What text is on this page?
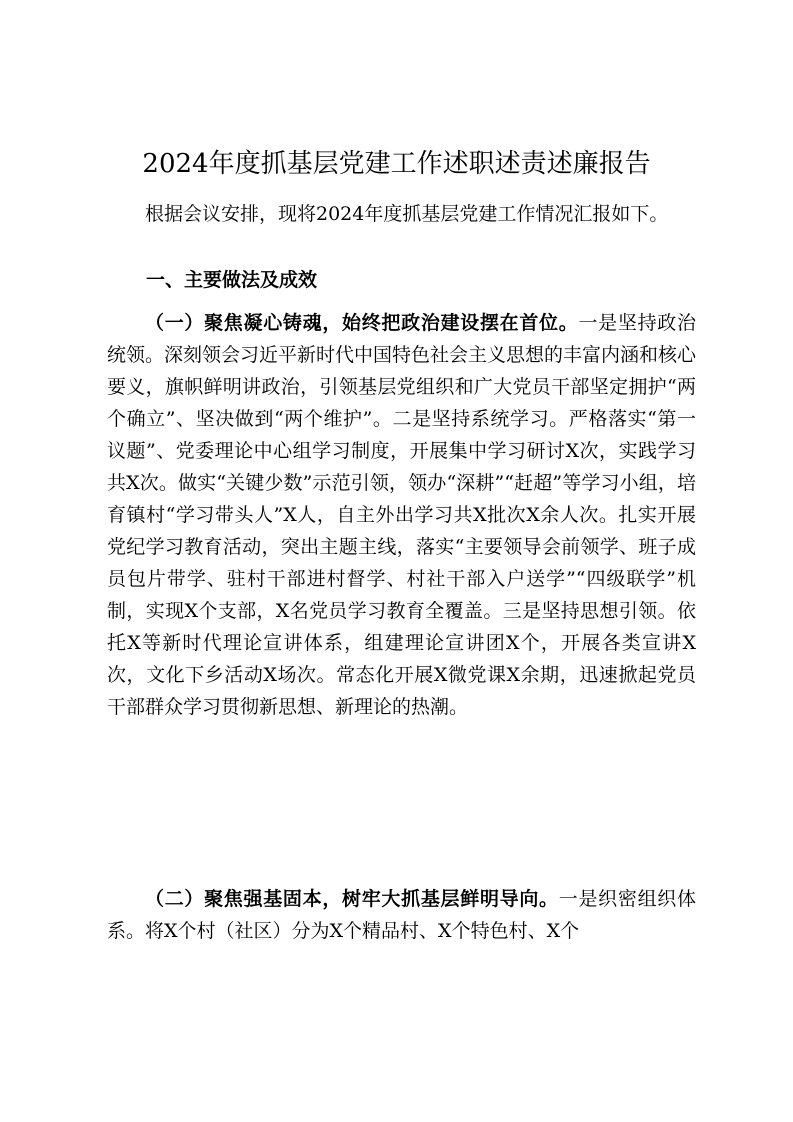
2024年度抓基层党建工作述职述责述廉报告

根据会议安排，现将2024年度抓基层党建工作情况汇报如下。

一、主要做法及成效

（一）聚焦凝心铸魂，始终把政治建设摆在首位。一是坚持政治统领。深刻领会习近平新时代中国特色社会主义思想的丰富内涵和核心要义，旗帜鲜明讲政治，引领基层党组织和广大党员干部坚定拥护“两个确立”、坚决做到“两个维护”。二是坚持系统学习。严格落实“第一议题”、党委理论中心组学习制度，开展集中学习研讨X次，实践学习共X次。做实“关键少数”示范引领，领办“深耕”“赶超”等学习小组，培育镇村“学习带头人”X人，自主外出学习共X批次X余人次。扎实开展党纪学习教育活动，突出主题主线，落实“主要领导会前领学、班子成员包片带学、驻村干部进村督学、村社干部入户送学”“四级联学”机制，实现X个支部，X名党员学习教育全覆盖。三是坚持思想引领。依托X等新时代理论宣讲体系，组建理论宣讲团X个，开展各类宣讲X次，文化下乡活动X场次。常态化开展X微党课X余期，迅速掀起党员干部群众学习贯彻新思想、新理论的热潮。

（二）聚焦强基固本，树牢大抓基层鲜明导向。一是织密组织体系。将X个村（社区）分为X个精品村、X个特色村、X个
